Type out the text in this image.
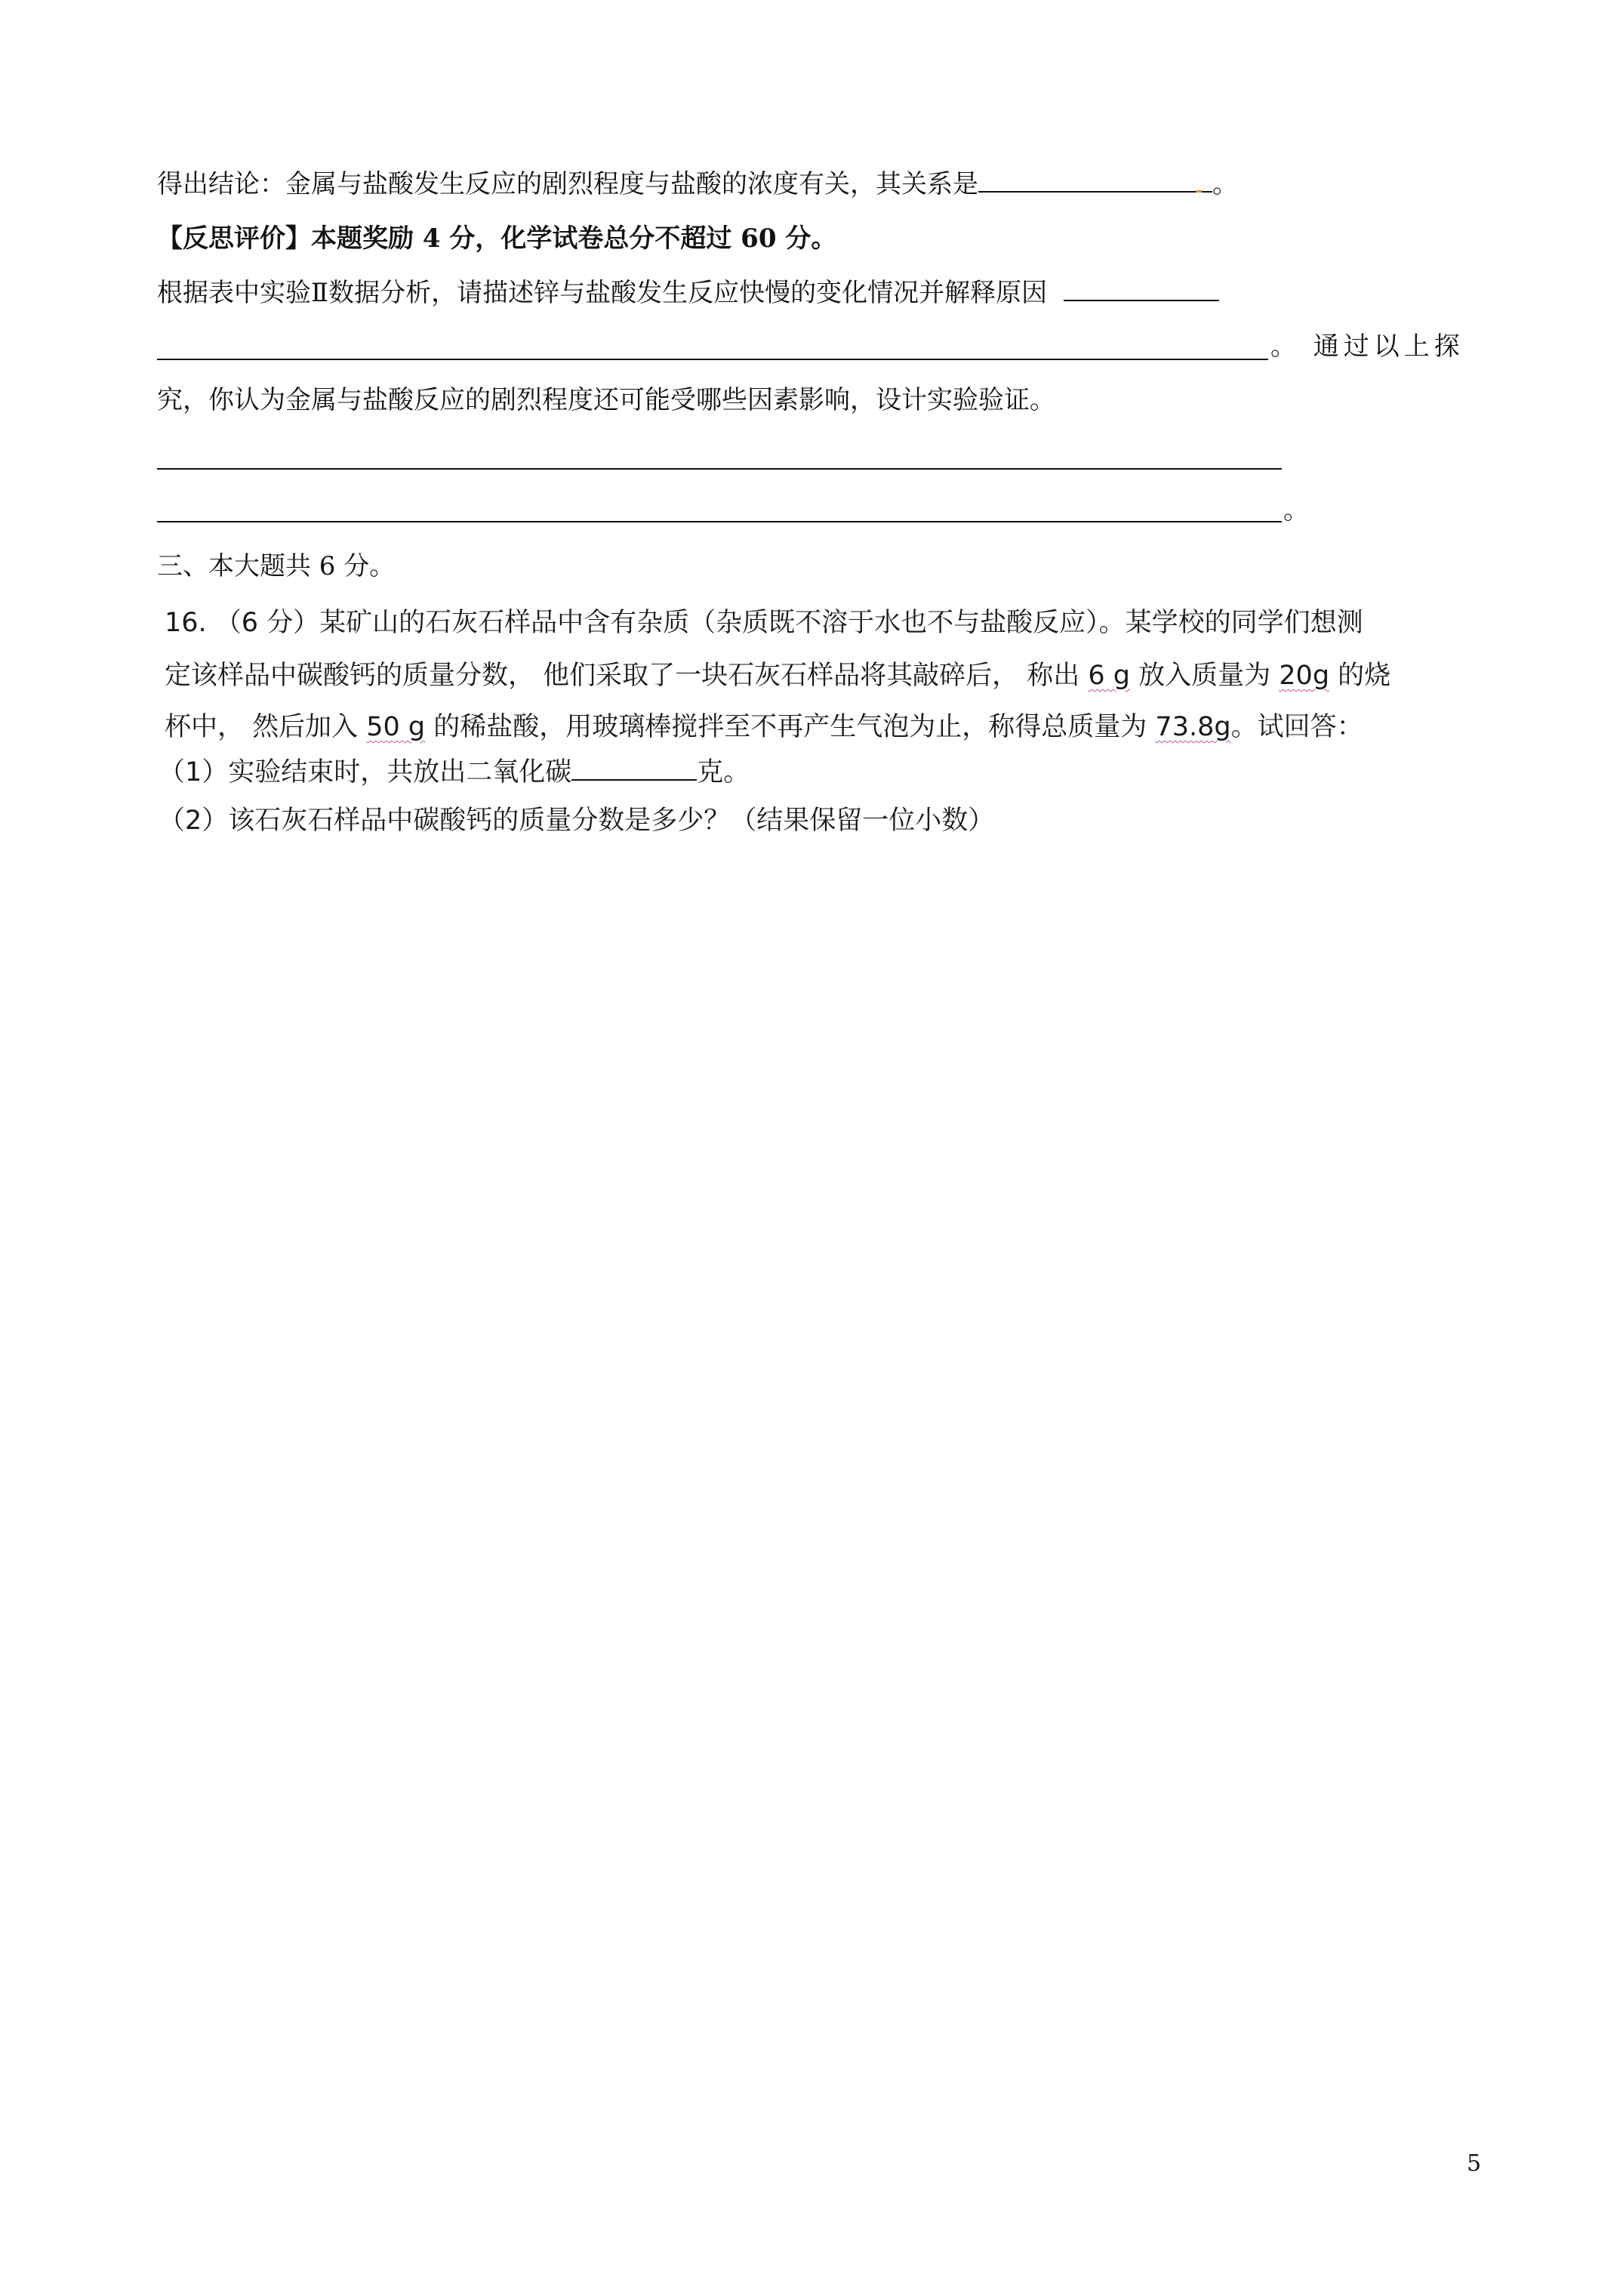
得出结论：金属与盐酸发生反应的剧烈程度与盐酸的浓度有关，其关系是	。
【反思评价】本题奖励 4 分，化学试卷总分不超过 60 分。
根据表中实验Ⅱ数据分析，请描述锌与盐酸发生反应快慢的变化情况并解释原因
。 通过以上探
究，你认为金属与盐酸反应的剧烈程度还可能受哪些因素影响，设计实验验证。
。
三、本大题共 6 分。
16. （6 分）某矿山的石灰石样品中含有杂质（杂质既不溶于水也不与盐酸反应）。某学校的同学们想测
定该样品中碳酸钙的质量分数， 他们采取了一块石灰石样品将其敲碎后， 称出 6 g 放入质量为 20g 的烧
杯中， 然后加入 50 g 的稀盐酸，用玻璃棒搅拌至不再产生气泡为止，称得总质量为 73.8g。试回答：
（1）实验结束时，共放出二氧化碳	克。
（2）该石灰石样品中碳酸钙的质量分数是多少？（结果保留一位小数）
5
